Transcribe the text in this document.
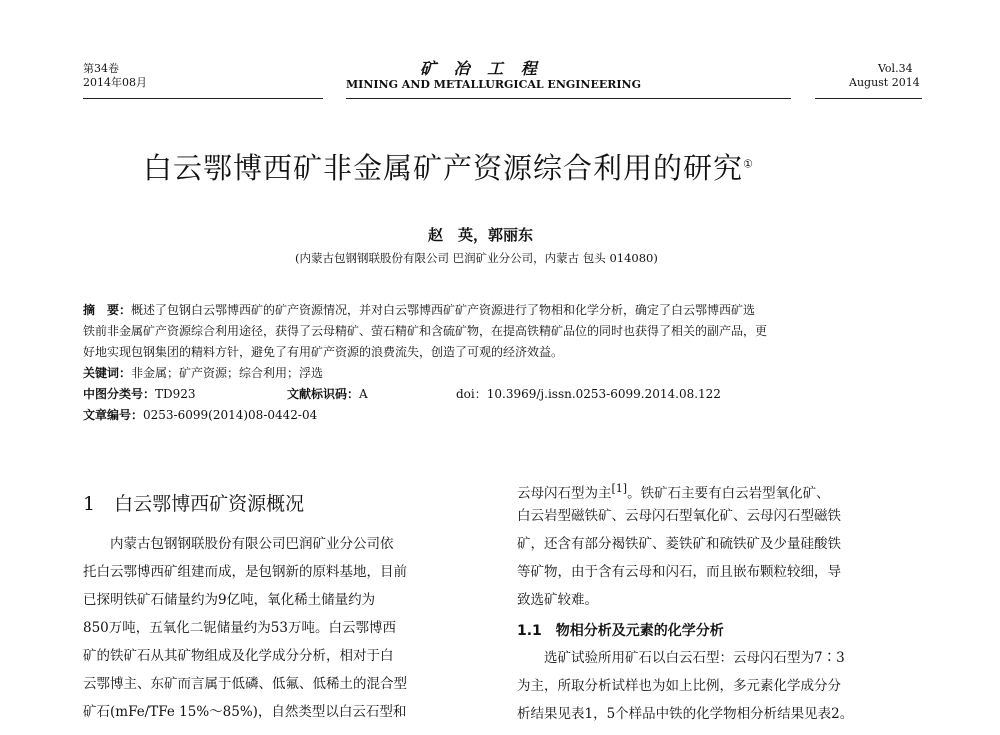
第34卷
2014年08月
矿 冶 工 程
MINING AND METALLURGICAL ENGINEERING
Vol.34
August 2014
白云鄂博西矿非金属矿产资源综合利用的研究①
赵　英，郭丽东
(内蒙古包钢钢联股份有限公司 巴润矿业分公司，内蒙古 包头 014080)
摘　要：概述了包钢白云鄂博西矿的矿产资源情况，并对白云鄂博西矿矿产资源进行了物相和化学分析，确定了白云鄂博西矿选
铁前非金属矿产资源综合利用途径，获得了云母精矿、萤石精矿和含硫矿物，在提高铁精矿品位的同时也获得了相关的副产品，更
好地实现包钢集团的精料方针，避免了有用矿产资源的浪费流失，创造了可观的经济效益。
关键词：非金属；矿产资源；综合利用；浮选
中图分类号：TD923	文献标识码：A	doi：10.3969/j.issn.0253-6099.2014.08.122
文章编号：0253-6099(2014)08-0442-04
1　白云鄂博西矿资源概况
　　内蒙古包钢钢联股份有限公司巴润矿业分公司依
托白云鄂博西矿组建而成，是包钢新的原料基地，目前
已探明铁矿石储量约为9亿吨，氧化稀土储量约为
850万吨，五氧化二铌储量约为53万吨。白云鄂博西
矿的铁矿石从其矿物组成及化学成分分析，相对于白
云鄂博主、东矿而言属于低磷、低氟、低稀土的混合型
矿石(mFe/TFe 15%～85%)，自然类型以白云石型和
云母闪石型为主[1]。铁矿石主要有白云岩型氧化矿、
白云岩型磁铁矿、云母闪石型氧化矿、云母闪石型磁铁
矿，还含有部分褐铁矿、菱铁矿和硫铁矿及少量硅酸铁
等矿物，由于含有云母和闪石，而且嵌布颗粒较细，导
致选矿较难。
1.1　物相分析及元素的化学分析
　　选矿试验所用矿石以白云石型：云母闪石型为7∶3
为主，所取分析试样也为如上比例，多元素化学成分分
析结果见表1，5个样品中铁的化学物相分析结果见表2。
